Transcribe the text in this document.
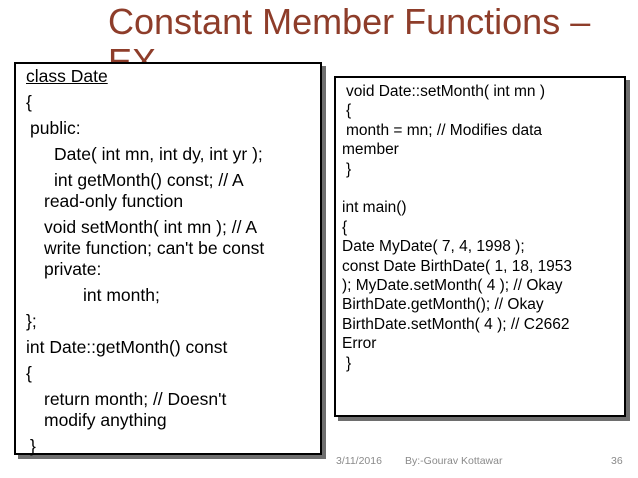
Constant Member Functions –

class Date

{

public:

Date( int mn, int dy, int yr );

int getMonth() const; // A

read-only function

void setMonth( int mn ); // A

write function; can't be const

private:

int month;

};

int Date::getMonth() const

{

return month; // Doesn't

modify anything

}

void Date::setMonth( int mn )

{

month = mn; // Modifies data

member

}

int main()

{

Date MyDate( 7, 4, 1998 );

const Date BirthDate( 1, 18, 1953

); MyDate.setMonth( 4 ); // Okay

BirthDate.getMonth(); // Okay

BirthDate.setMonth( 4 ); // C2662

Error

}

3/11/2016 By:-Gourav Kottawar	36
